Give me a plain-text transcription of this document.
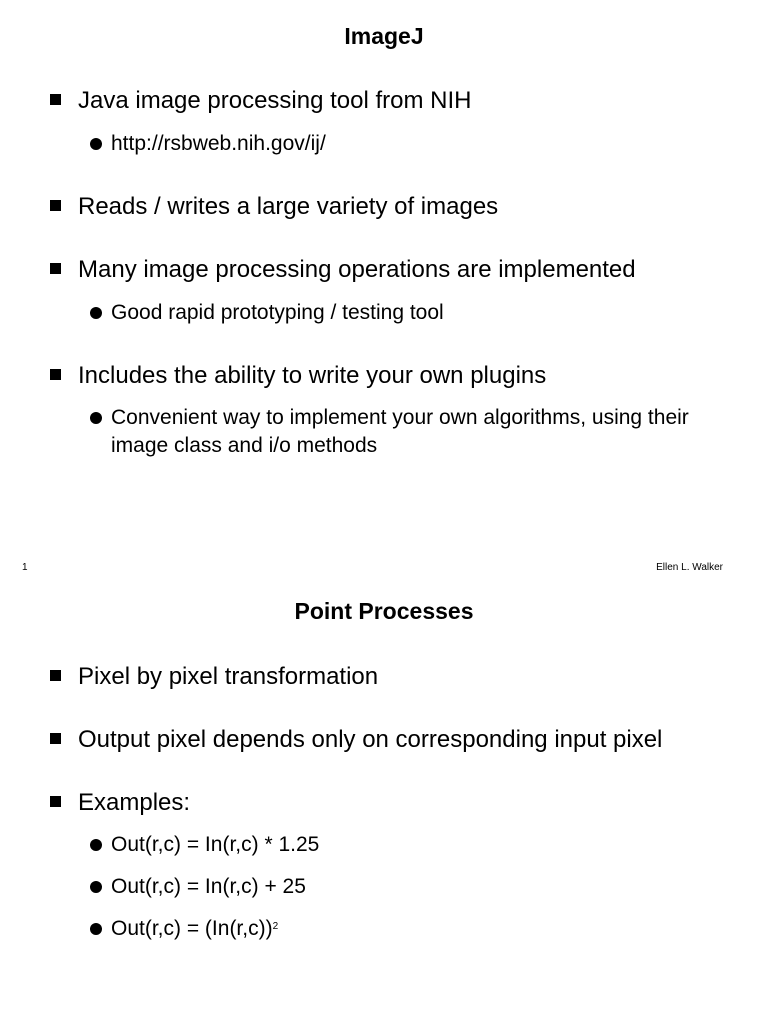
ImageJ
Java image processing tool from NIH
http://rsbweb.nih.gov/ij/
Reads / writes a large variety of images
Many image processing operations are implemented
Good rapid prototyping / testing tool
Includes the ability to write your own plugins
Convenient way to implement your own algorithms, using their image class and i/o methods
1	Ellen L. Walker
Point Processes
Pixel by pixel transformation
Output pixel depends only on corresponding input pixel
Examples:
Out(r,c) = In(r,c) * 1.25
Out(r,c) = In(r,c) + 25
$Out(r,c) = (In(r,c))^2$
